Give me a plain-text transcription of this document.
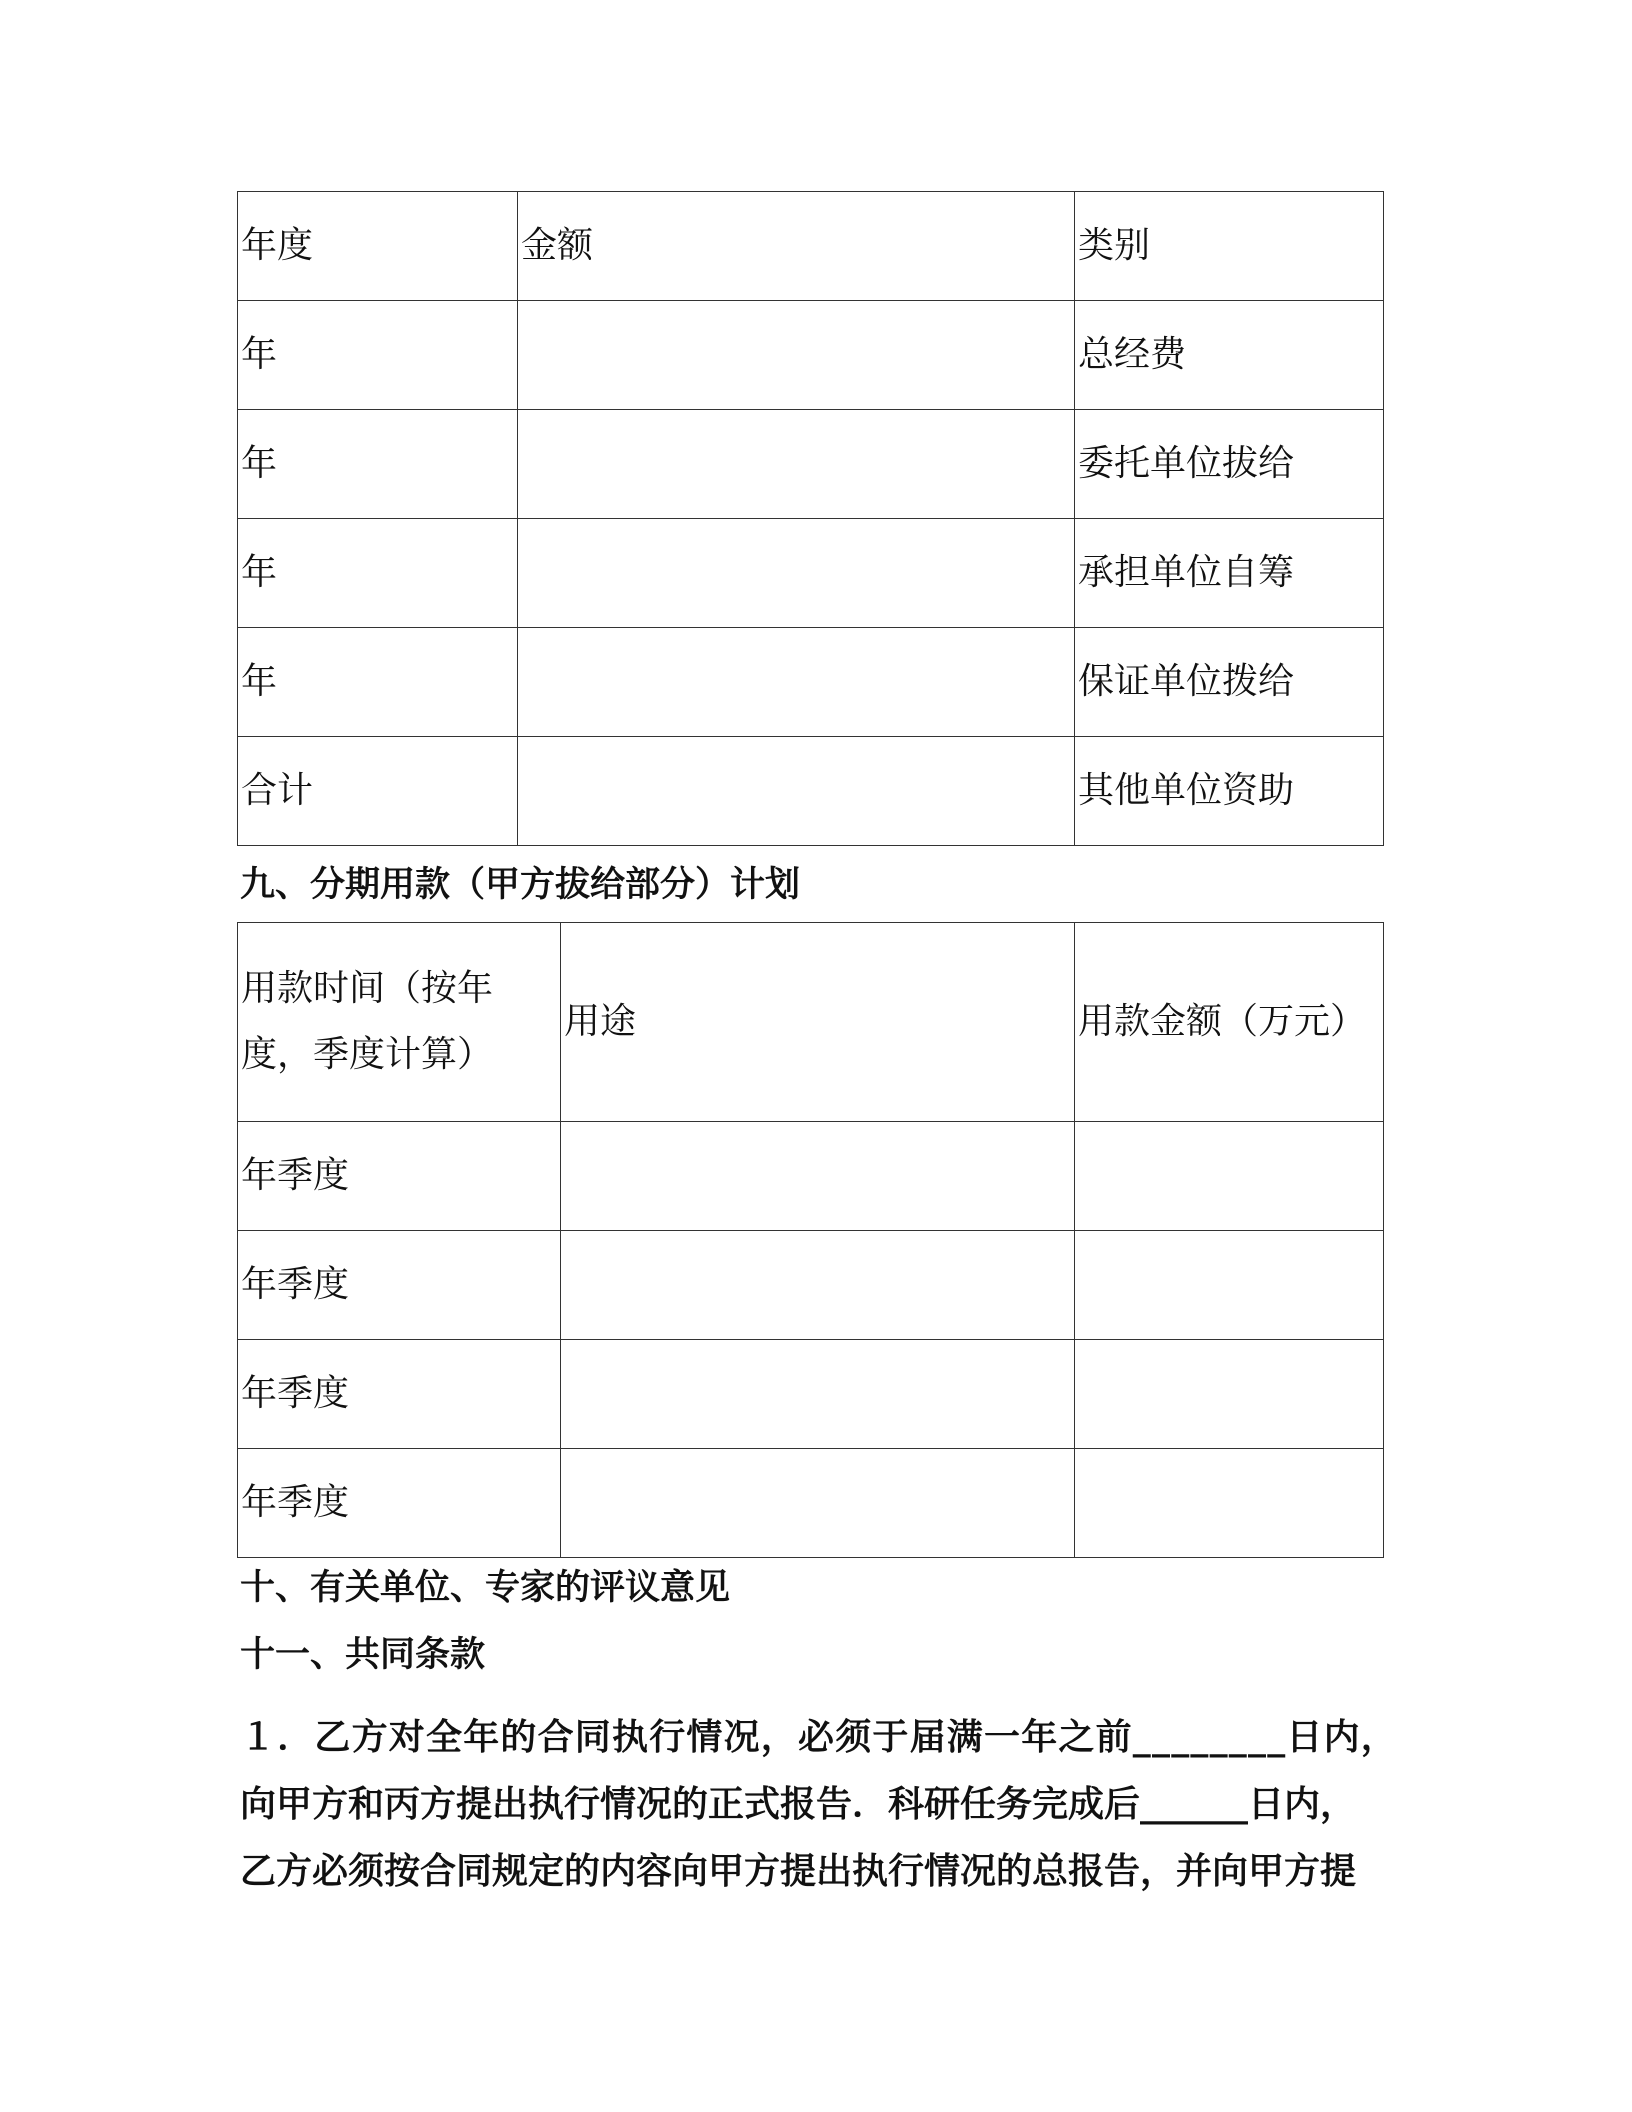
年度	金额	类别
年		总经费
年		委托单位拔给
年		承担单位自筹
年		保证单位拨给
合计		其他单位资助

九、分期用款（甲方拔给部分）计划

用款时间（按年度，季度计算）	用途	用款金额（万元）
年季度		
年季度		
年季度		
年季度		

十、有关单位、专家的评议意见

十一、共同条款

１．乙方对全年的合同执行情况，必须于届满一年之前________日内，
向甲方和丙方提出执行情况的正式报告．科研任务完成后______日内，
乙方必须按合同规定的内容向甲方提出执行情况的总报告，并向甲方提
